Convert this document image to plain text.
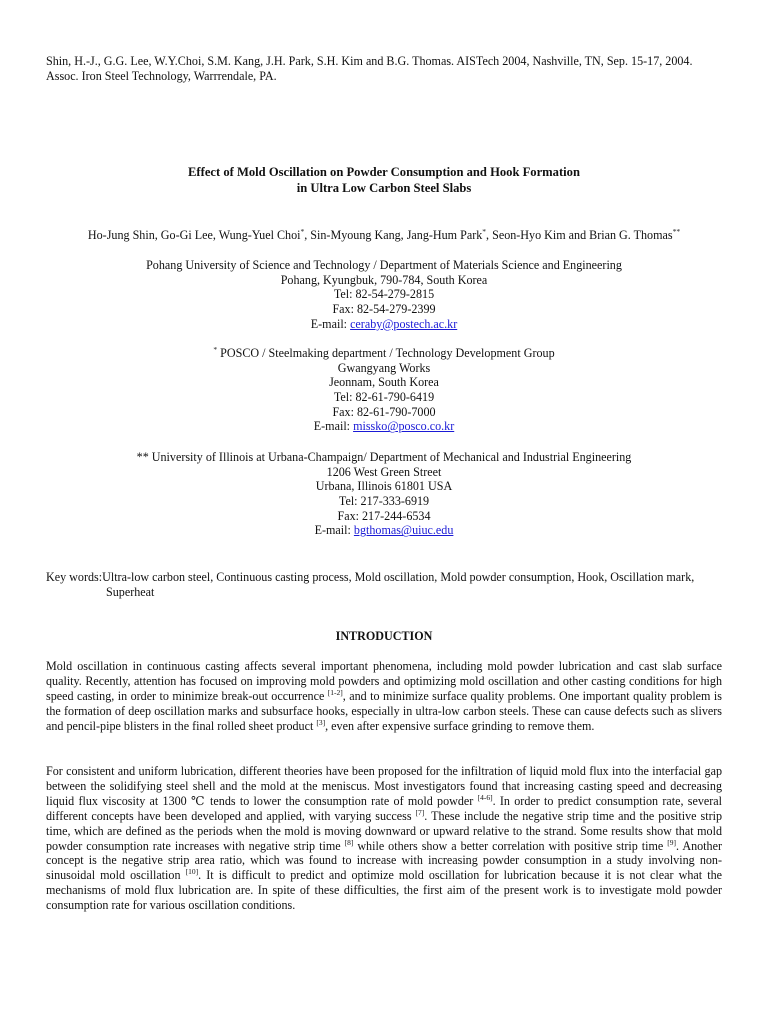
Shin, H.-J., G.G. Lee, W.Y.Choi, S.M. Kang, J.H. Park, S.H. Kim and B.G. Thomas. AISTech 2004, Nashville, TN, Sep. 15-17, 2004.
Assoc. Iron Steel Technology, Warrrendale, PA.
Effect of Mold Oscillation on Powder Consumption and Hook Formation
in Ultra Low Carbon Steel Slabs
Ho-Jung Shin, Go-Gi Lee, Wung-Yuel Choi*, Sin-Myoung Kang, Jang-Hum Park*, Seon-Hyo Kim and Brian G. Thomas**
Pohang University of Science and Technology / Department of Materials Science and Engineering
Pohang, Kyungbuk, 790-784, South Korea
Tel: 82-54-279-2815
Fax: 82-54-279-2399
E-mail: ceraby@postech.ac.kr
* POSCO / Steelmaking department / Technology Development Group
Gwangyang Works
Jeonnam, South Korea
Tel: 82-61-790-6419
Fax: 82-61-790-7000
E-mail: missko@posco.co.kr
** University of Illinois at Urbana-Champaign/ Department of Mechanical and Industrial Engineering
1206 West Green Street
Urbana, Illinois 61801 USA
Tel: 217-333-6919
Fax: 217-244-6534
E-mail: bgthomas@uiuc.edu
Key words: Ultra-low carbon steel, Continuous casting process, Mold oscillation, Mold powder consumption, Hook, Oscillation mark,
Superheat
INTRODUCTION
Mold oscillation in continuous casting affects several important phenomena, including mold powder lubrication and cast slab surface quality. Recently, attention has focused on improving mold powders and optimizing mold oscillation and other casting conditions for high speed casting, in order to minimize break-out occurrence [1-2], and to minimize surface quality problems. One important quality problem is the formation of deep oscillation marks and subsurface hooks, especially in ultra-low carbon steels. These can cause defects such as slivers and pencil-pipe blisters in the final rolled sheet product [3], even after expensive surface grinding to remove them.
For consistent and uniform lubrication, different theories have been proposed for the infiltration of liquid mold flux into the interfacial gap between the solidifying steel shell and the mold at the meniscus. Most investigators found that increasing casting speed and decreasing liquid flux viscosity at 1300 ℃ tends to lower the consumption rate of mold powder [4-6]. In order to predict consumption rate, several different concepts have been developed and applied, with varying success [7]. These include the negative strip time and the positive strip time, which are defined as the periods when the mold is moving downward or upward relative to the strand. Some results show that mold powder consumption rate increases with negative strip time [8] while others show a better correlation with positive strip time [9]. Another concept is the negative strip area ratio, which was found to increase with increasing powder consumption in a study involving non-sinusoidal mold oscillation [10]. It is difficult to predict and optimize mold oscillation for lubrication because it is not clear what the mechanisms of mold flux lubrication are. In spite of these difficulties, the first aim of the present work is to investigate mold powder consumption rate for various oscillation conditions.
